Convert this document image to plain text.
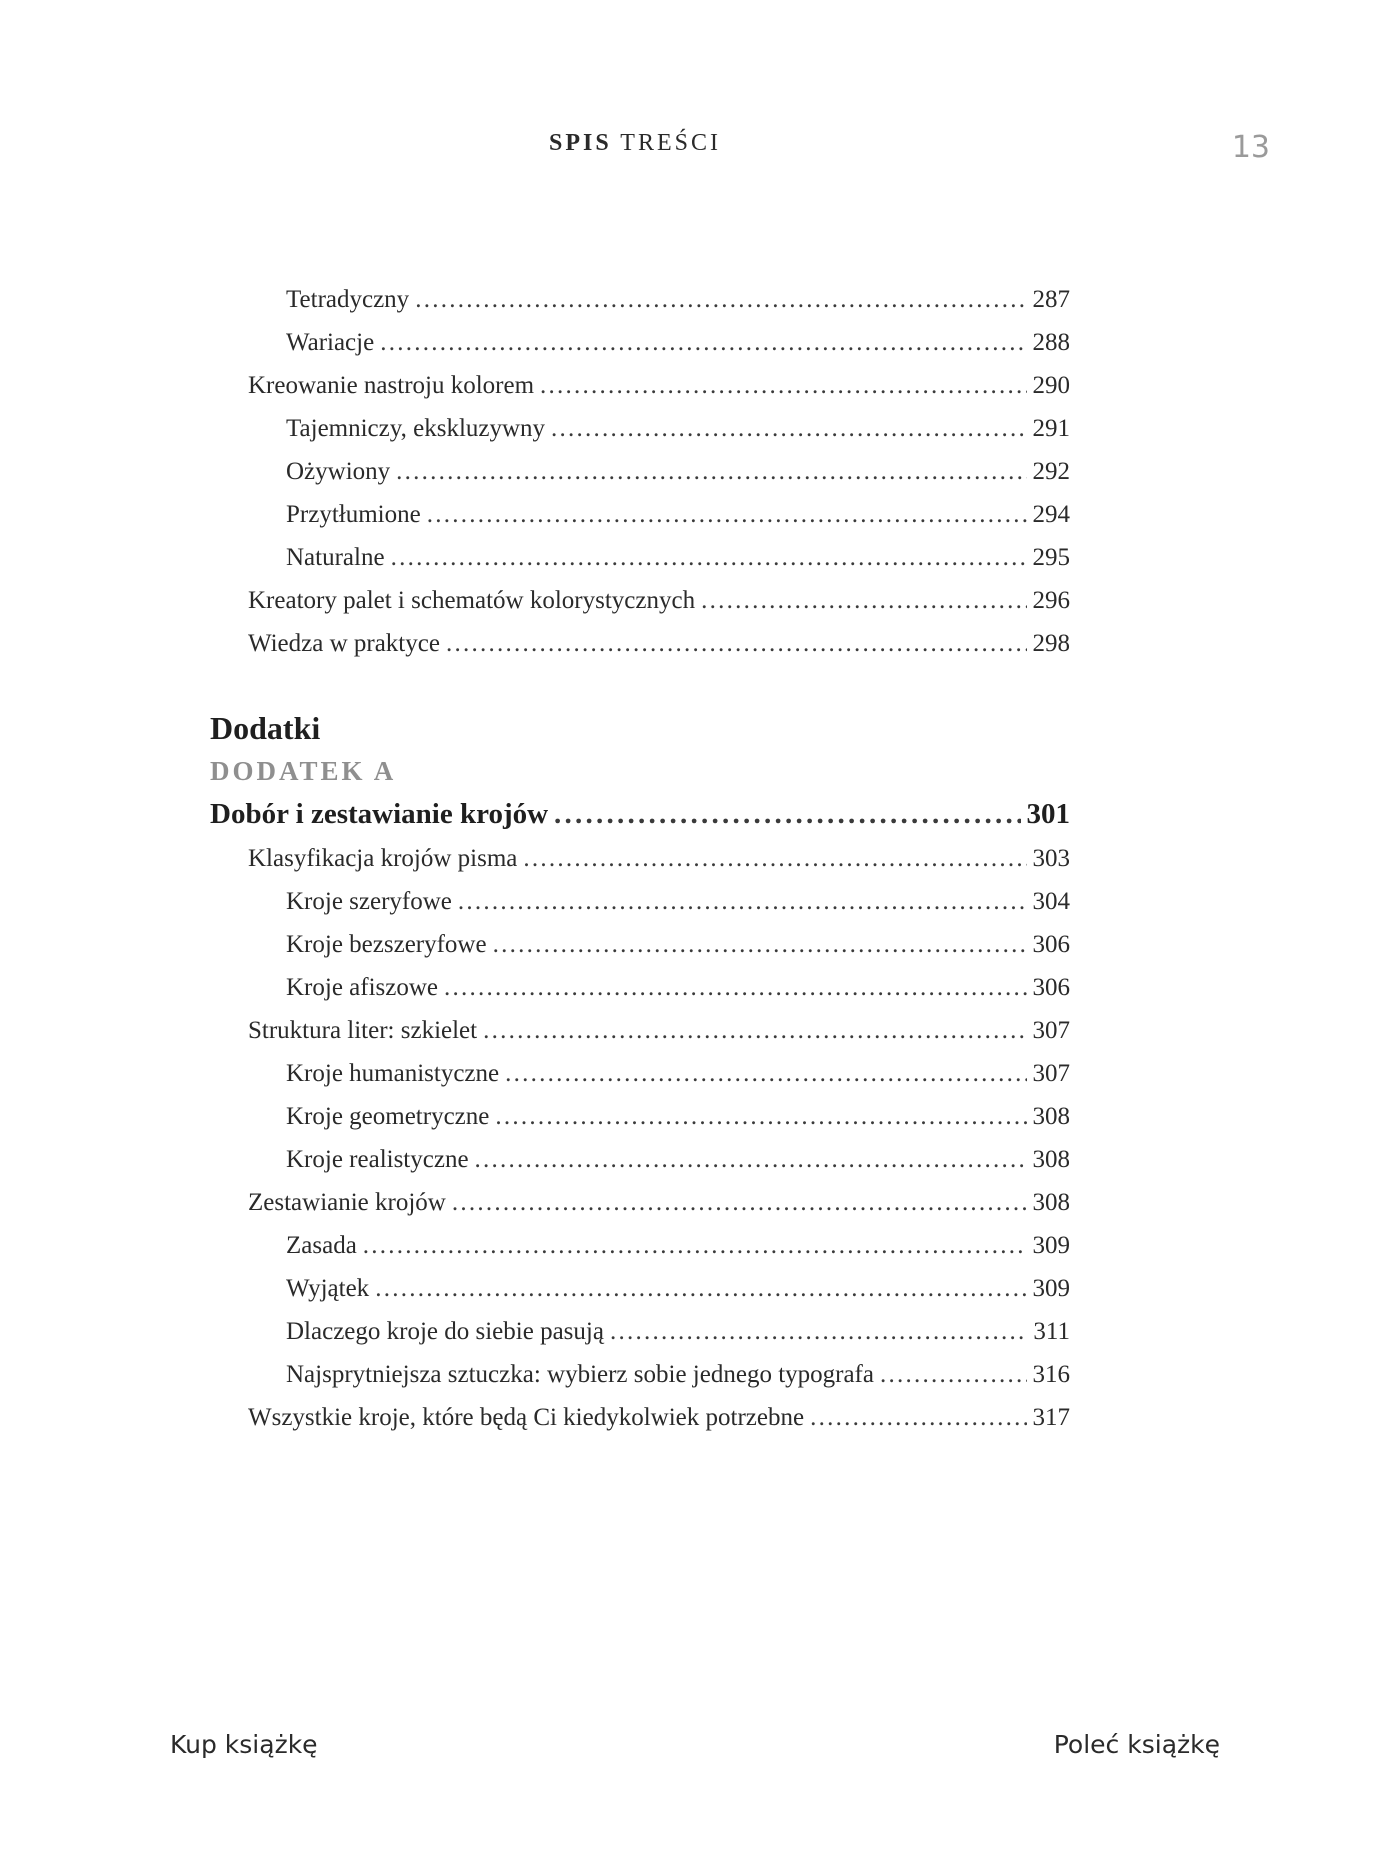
SPIS TREŚCI	13
Tetradyczny . . .	287
Wariacje . . .	288
Kreowanie nastroju kolorem . . .	290
Tajemniczy, ekskluzywny . . .	291
Ożywiony . . .	292
Przytłumione . . .	294
Naturalne . . .	295
Kreatory palet i schematów kolorystycznych . . .	296
Wiedza w praktyce . . .	298
Dodatki
DODATEK A
Dobór i zestawianie krojów . . .	301
Klasyfikacja krojów pisma . . .	303
Kroje szeryfowe . . .	304
Kroje bezszeryfowe . . .	306
Kroje afiszowe . . .	306
Struktura liter: szkielet . . .	307
Kroje humanistyczne . . .	307
Kroje geometryczne . . .	308
Kroje realistyczne . . .	308
Zestawianie krojów . . .	308
Zasada . . .	309
Wyjątek . . .	309
Dlaczego kroje do siebie pasują . . .	311
Najsprytniejsza sztuczka: wybierz sobie jednego typografa . . .	316
Wszystkie kroje, które będą Ci kiedykolwiek potrzebne . . .	317
Kup książkę	Poleć książkę
